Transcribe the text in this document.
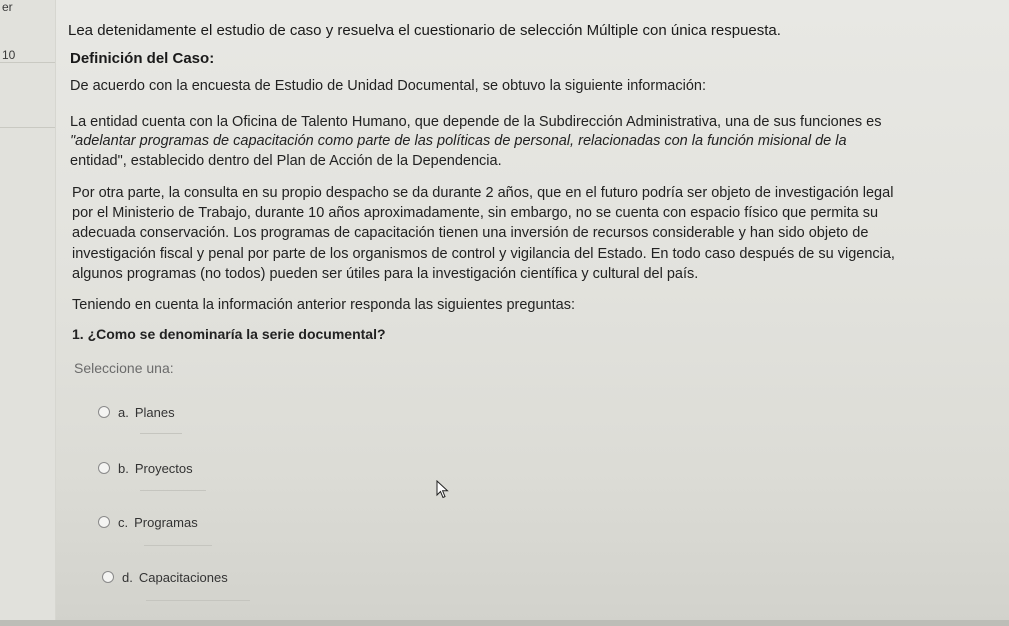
er
10
Lea detenidamente el estudio de caso y resuelva el cuestionario de selección Múltiple con única respuesta.
Definición del Caso:
De acuerdo con la encuesta de Estudio de Unidad Documental, se obtuvo la siguiente información:
La entidad cuenta con la Oficina de Talento Humano, que depende de la Subdirección Administrativa, una de sus funciones es
"adelantar programas de capacitación como parte de las políticas de personal, relacionadas con la función misional de la
entidad", establecido dentro del Plan de Acción de la Dependencia.
Por otra parte, la consulta en su propio despacho se da durante 2 años, que en el futuro podría ser objeto de investigación legal
por el Ministerio de Trabajo, durante 10 años aproximadamente, sin embargo, no se cuenta con espacio físico que permita su
adecuada conservación. Los programas de capacitación tienen una inversión de recursos considerable y han sido objeto de
investigación fiscal y penal por parte de los organismos de control y vigilancia del Estado. En todo caso después de su vigencia,
algunos programas (no todos) pueden ser útiles para la investigación científica y cultural del país.
Teniendo en cuenta la información anterior responda las siguientes preguntas:
1. ¿Como se denominaría la serie documental?
Seleccione una:
a. Planes
b. Proyectos
c. Programas
d. Capacitaciones
